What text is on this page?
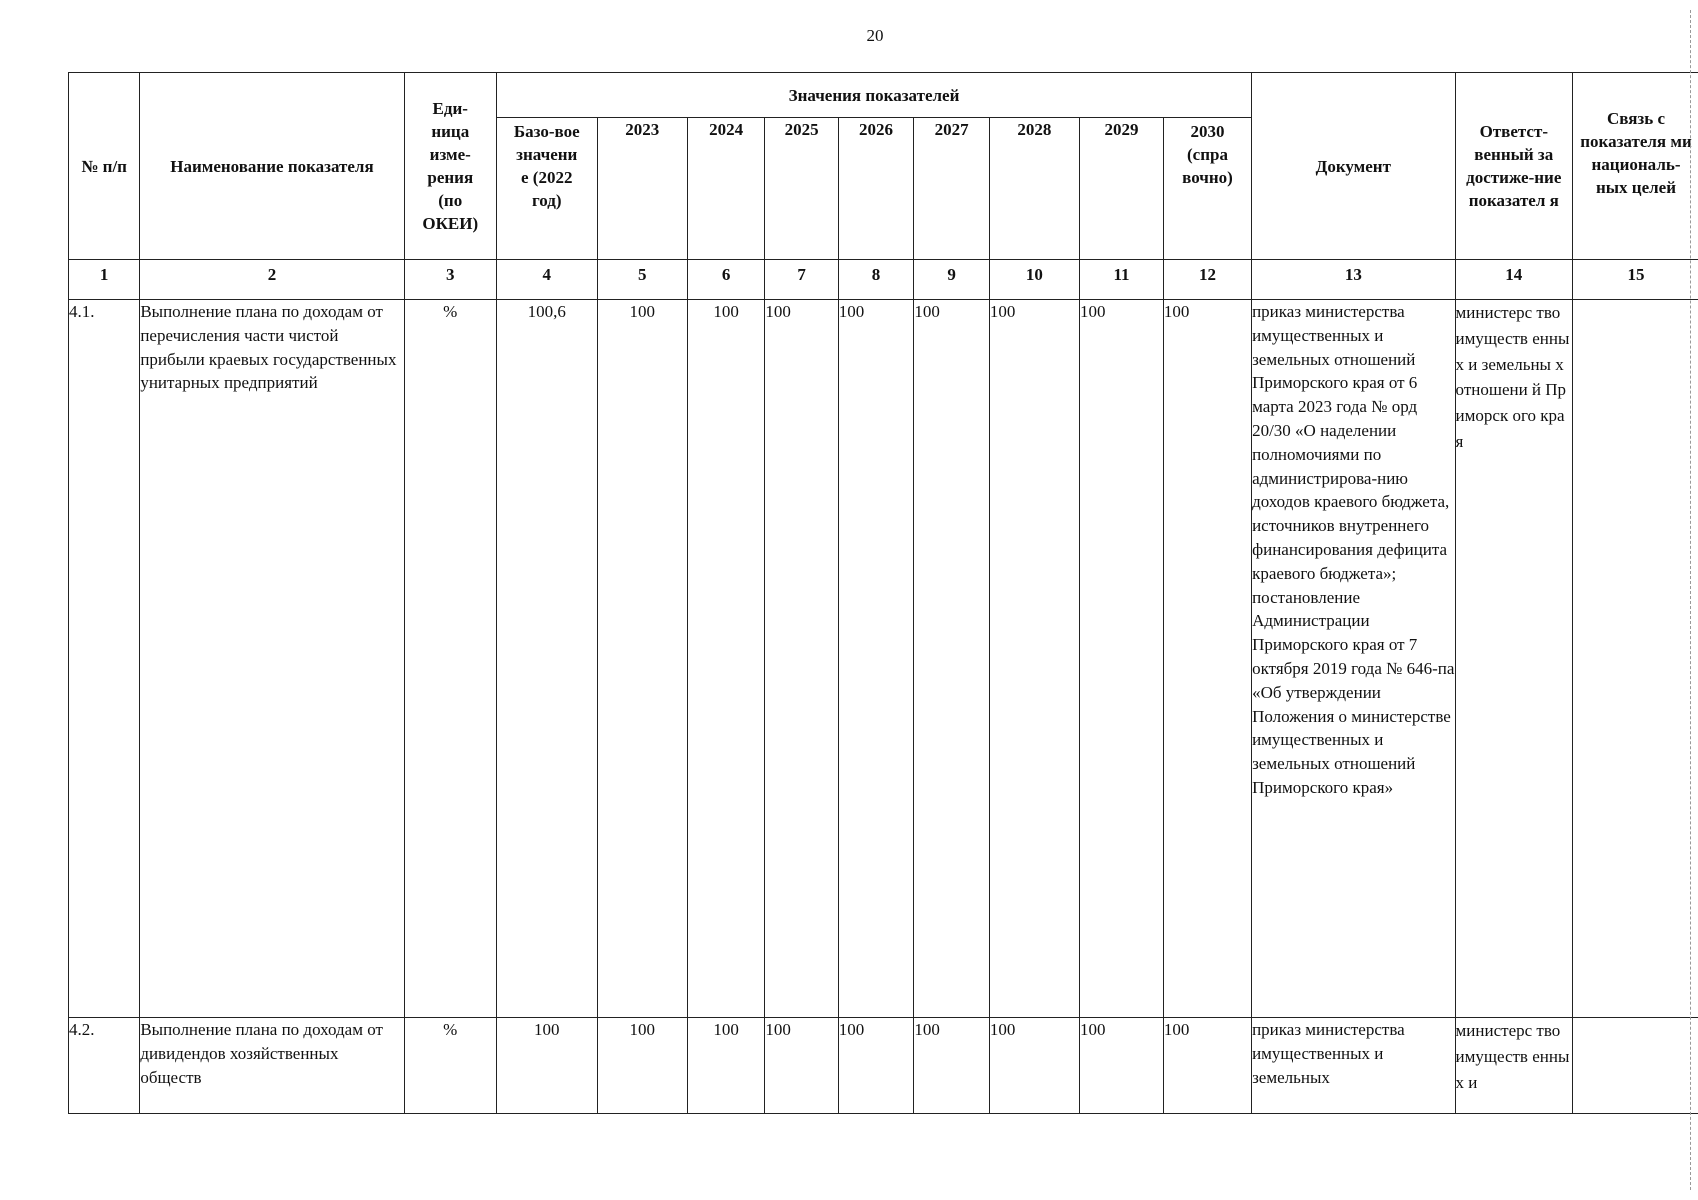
20
№ п/п	Наименование показателя	Еди-ница изме-рения (по ОКЕИ)	Значения показателей									Документ	Ответст-венный за достиже-ние показател я	Связь с показателя ми националь-ных целей
			Базо-вое значени е (2022 год)	2023	2024	2025	2026	2027	2028	2029	2030 (спра вочно)			
1	2	3	4	5	6	7	8	9	10	11	12	13	14	15
4.1.	Выполнение плана по доходам от перечисления части чистой прибыли краевых государственных унитарных предприятий	%	100,6	100	100	100	100	100	100	100	100	приказ министерства имущественных и земельных отношений Приморского края от 6 марта 2023 года № орд 20/30 «О наделении полномочиями по администрирова-нию доходов краевого бюджета, источников внутреннего финансирования дефицита краевого бюджета»; постановление Администрации Приморского края от 7 октября 2019 года № 646-па «Об утверждении Положения о министерстве имущественных и земельных отношений Приморского края»	министерс тво имуществ енных и земельны х отношени й Приморск ого края	
4.2.	Выполнение плана по доходам от дивидендов хозяйственных обществ	%	100	100	100	100	100	100	100	100	100	приказ министерства имущественных и земельных	министерс тво имуществ енных и	
